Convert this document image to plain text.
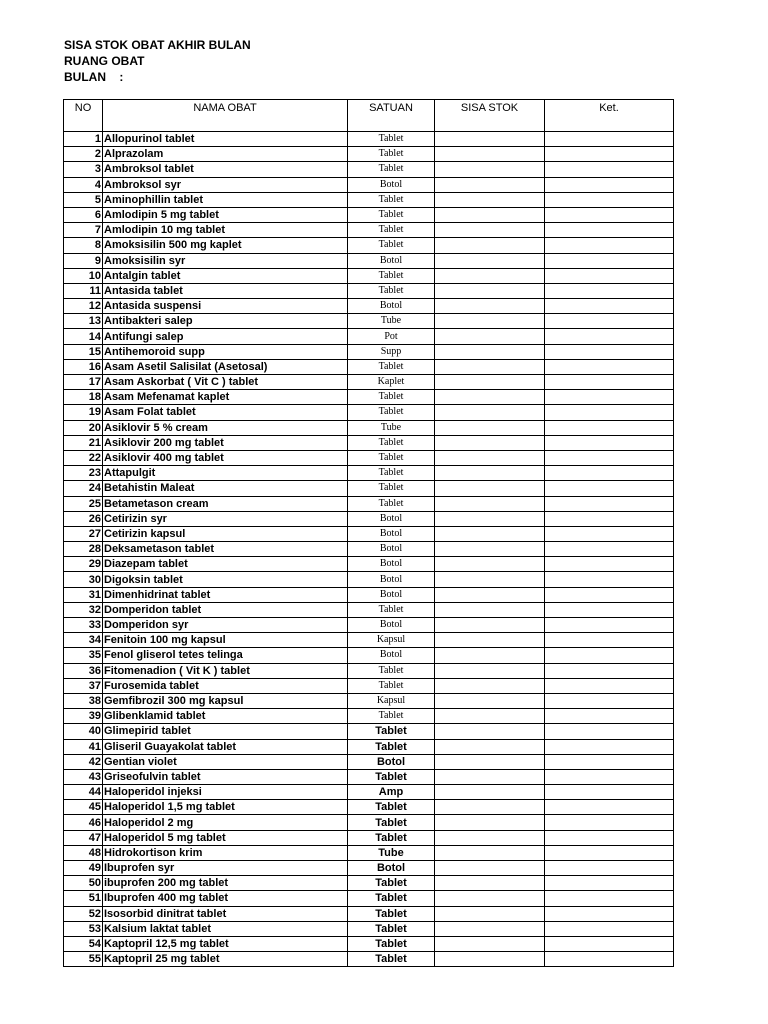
SISA STOK OBAT AKHIR BULAN
RUANG OBAT
BULAN    :
NO	NAMA OBAT	SATUAN	SISA STOK	Ket.
1	Allopurinol tablet	Tablet		
2	Alprazolam	Tablet		
3	Ambroksol tablet	Tablet		
4	Ambroksol syr	Botol		
5	Aminophillin tablet	Tablet		
6	Amlodipin 5 mg tablet	Tablet		
7	Amlodipin 10 mg tablet	Tablet		
8	Amoksisilin 500 mg kaplet	Tablet		
9	Amoksisilin syr	Botol		
10	Antalgin tablet	Tablet		
11	Antasida tablet	Tablet		
12	Antasida suspensi	Botol		
13	Antibakteri salep	Tube		
14	Antifungi salep	Pot		
15	Antihemoroid supp	Supp		
16	Asam Asetil Salisilat (Asetosal)	Tablet		
17	Asam Askorbat ( Vit C ) tablet	Kaplet		
18	Asam Mefenamat kaplet	Tablet		
19	Asam Folat tablet	Tablet		
20	Asiklovir 5 % cream	Tube		
21	Asiklovir 200 mg tablet	Tablet		
22	Asiklovir 400 mg tablet	Tablet		
23	Attapulgit	Tablet		
24	Betahistin Maleat	Tablet		
25	Betametason cream	Tablet		
26	Cetirizin syr	Botol		
27	Cetirizin kapsul	Botol		
28	Deksametason tablet	Botol		
29	Diazepam tablet	Botol		
30	Digoksin tablet	Botol		
31	Dimenhidrinat tablet	Botol		
32	Domperidon tablet	Tablet		
33	Domperidon syr	Botol		
34	Fenitoin 100 mg kapsul	Kapsul		
35	Fenol gliserol tetes telinga	Botol		
36	Fitomenadion ( Vit K ) tablet	Tablet		
37	Furosemida tablet	Tablet		
38	Gemfibrozil 300 mg kapsul	Kapsul		
39	Glibenklamid tablet	Tablet		
40	Glimepirid tablet	Tablet		
41	Gliseril Guayakolat tablet	Tablet		
42	Gentian violet	Botol		
43	Griseofulvin tablet	Tablet		
44	Haloperidol injeksi	Amp		
45	Haloperidol 1,5 mg tablet	Tablet		
46	Haloperidol 2 mg	Tablet		
47	Haloperidol 5 mg tablet	Tablet		
48	Hidrokortison krim	Tube		
49	Ibuprofen syr	Botol		
50	ibuprofen 200 mg tablet	Tablet		
51	Ibuprofen 400 mg tablet	Tablet		
52	Isosorbid dinitrat tablet	Tablet		
53	Kalsium laktat tablet	Tablet		
54	Kaptopril 12,5 mg tablet	Tablet		
55	Kaptopril 25 mg tablet	Tablet		
